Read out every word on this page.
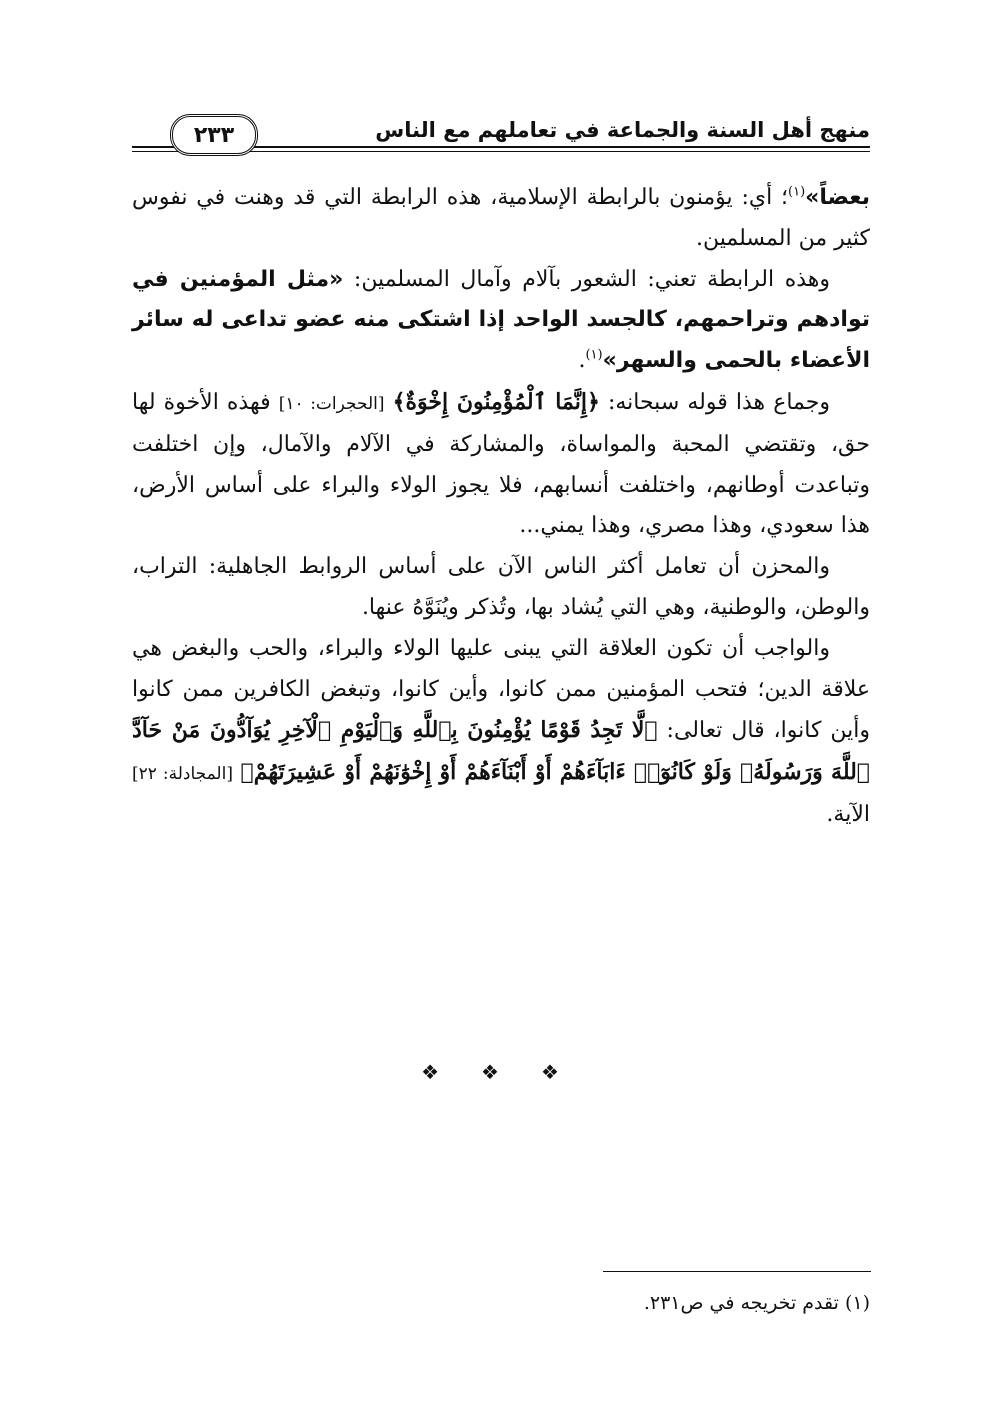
منهج أهل السنة والجماعة في تعاملهم مع الناس
٢٣٣

بعضاً»$^{(١)}$؛ أي: يؤمنون بالرابطة الإسلامية، هذه الرابطة التي قد وهنت في نفوس كثير من المسلمين.

وهذه الرابطة تعني: الشعور بآلام وآمال المسلمين: «مثل المؤمنين في توادهم وتراحمهم، كالجسد الواحد إذا اشتكى منه عضو تداعى له سائر الأعضاء بالحمى والسهر»$^{(١)}$.

وجماع هذا قوله سبحانه: ﴿إِنَّمَا ٱلْمُؤْمِنُونَ إِخْوَةٌ﴾ [الحجرات: ١٠] فهذه الأخوة لها حق، وتقتضي المحبة والمواساة، والمشاركة في الآلام والآمال، وإن اختلفت وتباعدت أوطانهم، واختلفت أنسابهم، فلا يجوز الولاء والبراء على أساس الأرض، هذا سعودي، وهذا مصري، وهذا يمني...

والمحزن أن تعامل أكثر الناس الآن على أساس الروابط الجاهلية: التراب، والوطن، والوطنية، وهي التي يُشاد بها، وتُذكر ويُنَوَّهُ عنها.

والواجب أن تكون العلاقة التي يبنى عليها الولاء والبراء، والحب والبغض هي علاقة الدين؛ فتحب المؤمنين ممن كانوا، وأين كانوا، وتبغض الكافرين ممن كانوا وأين كانوا، قال تعالى: ﴿لَّا تَجِدُ قَوْمًا يُؤْمِنُونَ بِٱللَّهِ وَٱلْيَوْمِ ٱلْآخِرِ يُوَآدُّونَ مَنْ حَآدَّ ٱللَّهَ وَرَسُولَهُۥ وَلَوْ كَانُوٓا۟ ءَابَآءَهُمْ أَوْ أَبْنَآءَهُمْ أَوْ إِخْوَٰنَهُمْ أَوْ عَشِيرَتَهُمْ﴾ [المجادلة: ٢٢] الآية.

❖ ❖ ❖
(١) تقدم تخريجه في ص٢٣١.
